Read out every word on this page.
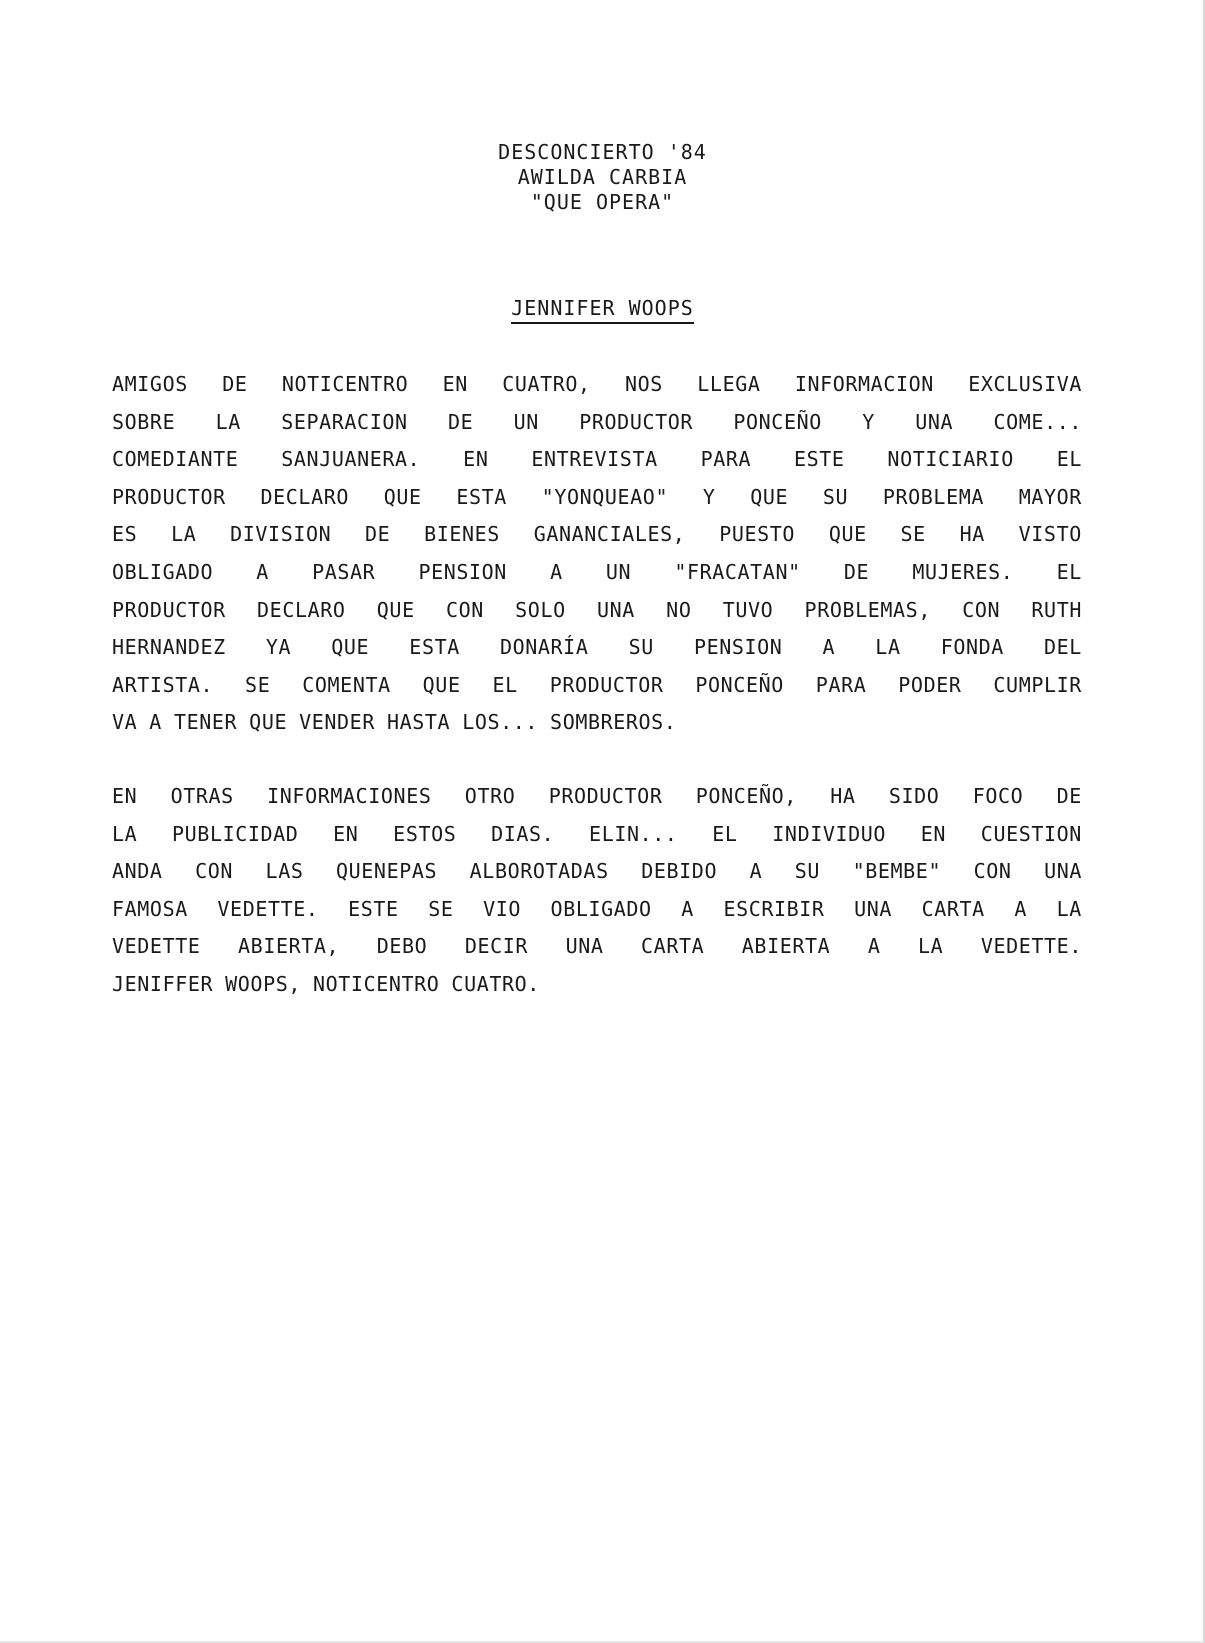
DESCONCIERTO '84
AWILDA CARBIA
"QUE OPERA"
JENNIFER WOOPS
AMIGOS DE NOTICENTRO EN CUATRO, NOS LLEGA INFORMACION EXCLUSIVA
SOBRE LA SEPARACION DE UN PRODUCTOR PONCEÑO Y UNA COME...
COMEDIANTE SANJUANERA. EN ENTREVISTA PARA ESTE NOTICIARIO EL
PRODUCTOR DECLARO QUE ESTA "YONQUEAO" Y QUE SU PROBLEMA MAYOR
ES LA DIVISION DE BIENES GANANCIALES, PUESTO QUE SE HA VISTO
OBLIGADO A PASAR PENSION A UN "FRACATAN" DE MUJERES. EL
PRODUCTOR DECLARO QUE CON SOLO UNA NO TUVO PROBLEMAS, CON RUTH
HERNANDEZ YA QUE ESTA DONARÍA SU PENSION A LA FONDA DEL
ARTISTA. SE COMENTA QUE EL PRODUCTOR PONCEÑO PARA PODER CUMPLIR
VA A TENER QUE VENDER HASTA LOS... SOMBREROS.
EN OTRAS INFORMACIONES OTRO PRODUCTOR PONCEÑO, HA SIDO FOCO DE
LA PUBLICIDAD EN ESTOS DIAS. ELIN... EL INDIVIDUO EN CUESTION
ANDA CON LAS QUENEPAS ALBOROTADAS DEBIDO A SU "BEMBE" CON UNA
FAMOSA VEDETTE. ESTE SE VIO OBLIGADO A ESCRIBIR UNA CARTA A LA
VEDETTE ABIERTA, DEBO DECIR UNA CARTA ABIERTA A LA VEDETTE.
JENIFFER WOOPS, NOTICENTRO CUATRO.
